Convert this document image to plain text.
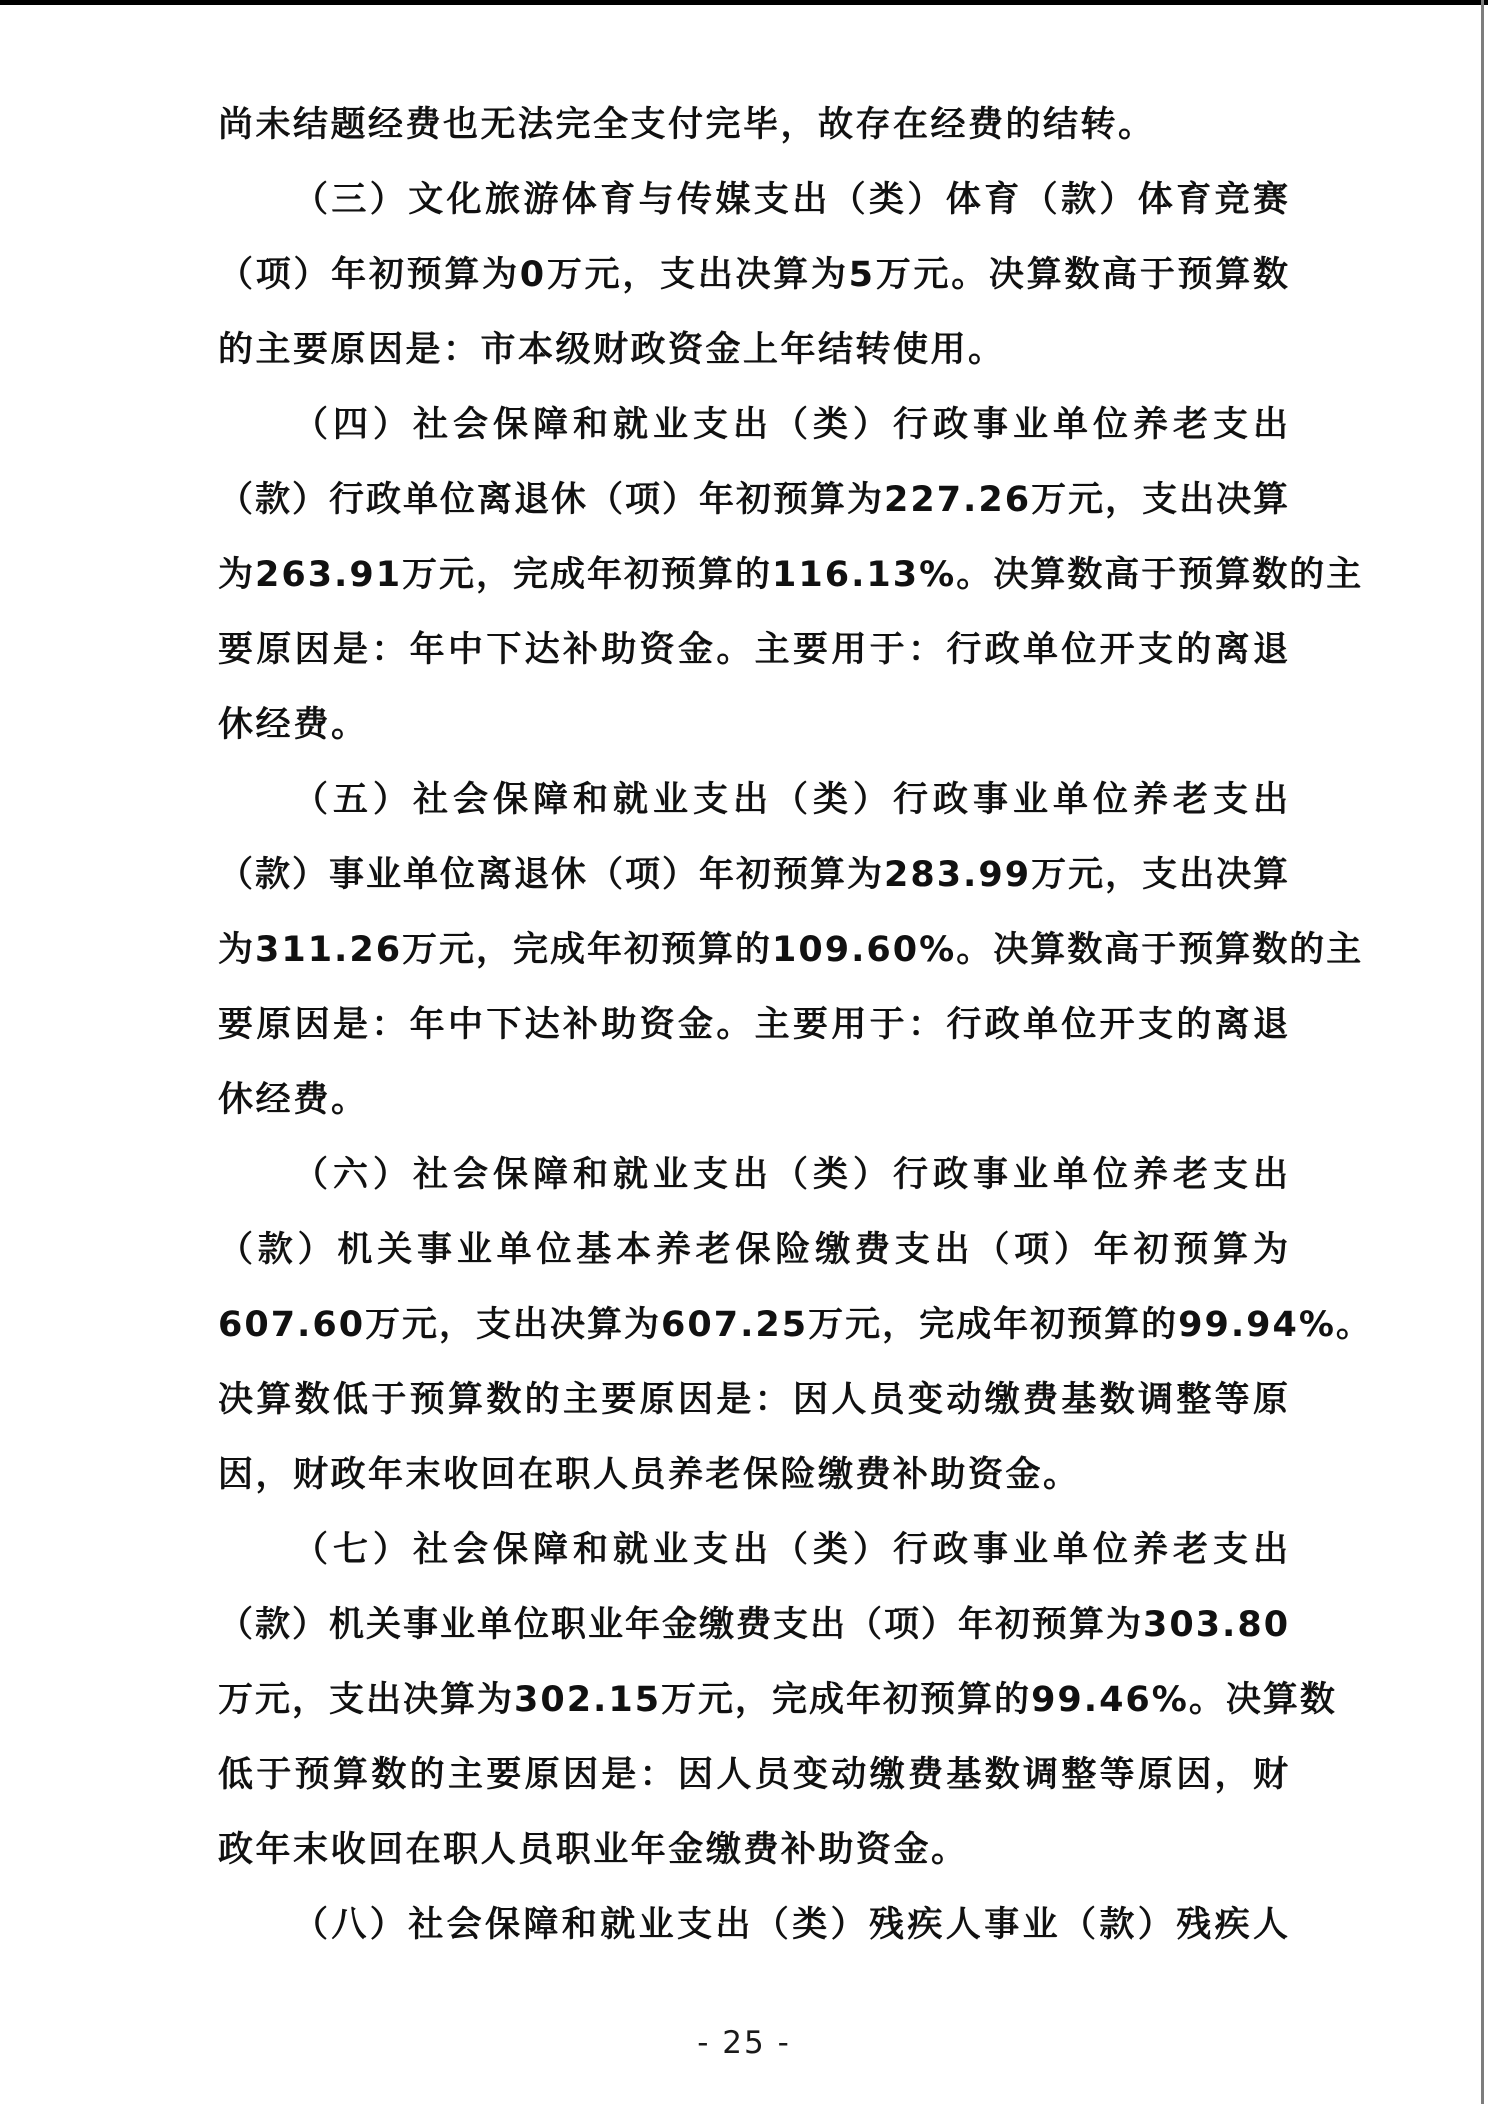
尚未结题经费也无法完全支付完毕，故存在经费的结转。
（三）文化旅游体育与传媒支出（类）体育（款）体育竞赛
（项）年初预算为0万元，支出决算为5万元。决算数高于预算数
的主要原因是：市本级财政资金上年结转使用。
（四）社会保障和就业支出（类）行政事业单位养老支出
（款）行政单位离退休（项）年初预算为227.26万元，支出决算
为263.91万元，完成年初预算的116.13%。决算数高于预算数的主
要原因是：年中下达补助资金。主要用于：行政单位开支的离退
休经费。
（五）社会保障和就业支出（类）行政事业单位养老支出
（款）事业单位离退休（项）年初预算为283.99万元，支出决算
为311.26万元，完成年初预算的109.60%。决算数高于预算数的主
要原因是：年中下达补助资金。主要用于：行政单位开支的离退
休经费。
（六）社会保障和就业支出（类）行政事业单位养老支出
（款）机关事业单位基本养老保险缴费支出（项）年初预算为
607.60万元，支出决算为607.25万元，完成年初预算的99.94%。
决算数低于预算数的主要原因是：因人员变动缴费基数调整等原
因，财政年末收回在职人员养老保险缴费补助资金。
（七）社会保障和就业支出（类）行政事业单位养老支出
（款）机关事业单位职业年金缴费支出（项）年初预算为303.80
万元，支出决算为302.15万元，完成年初预算的99.46%。决算数
低于预算数的主要原因是：因人员变动缴费基数调整等原因，财
政年末收回在职人员职业年金缴费补助资金。
（八）社会保障和就业支出（类）残疾人事业（款）残疾人
- 25 -
